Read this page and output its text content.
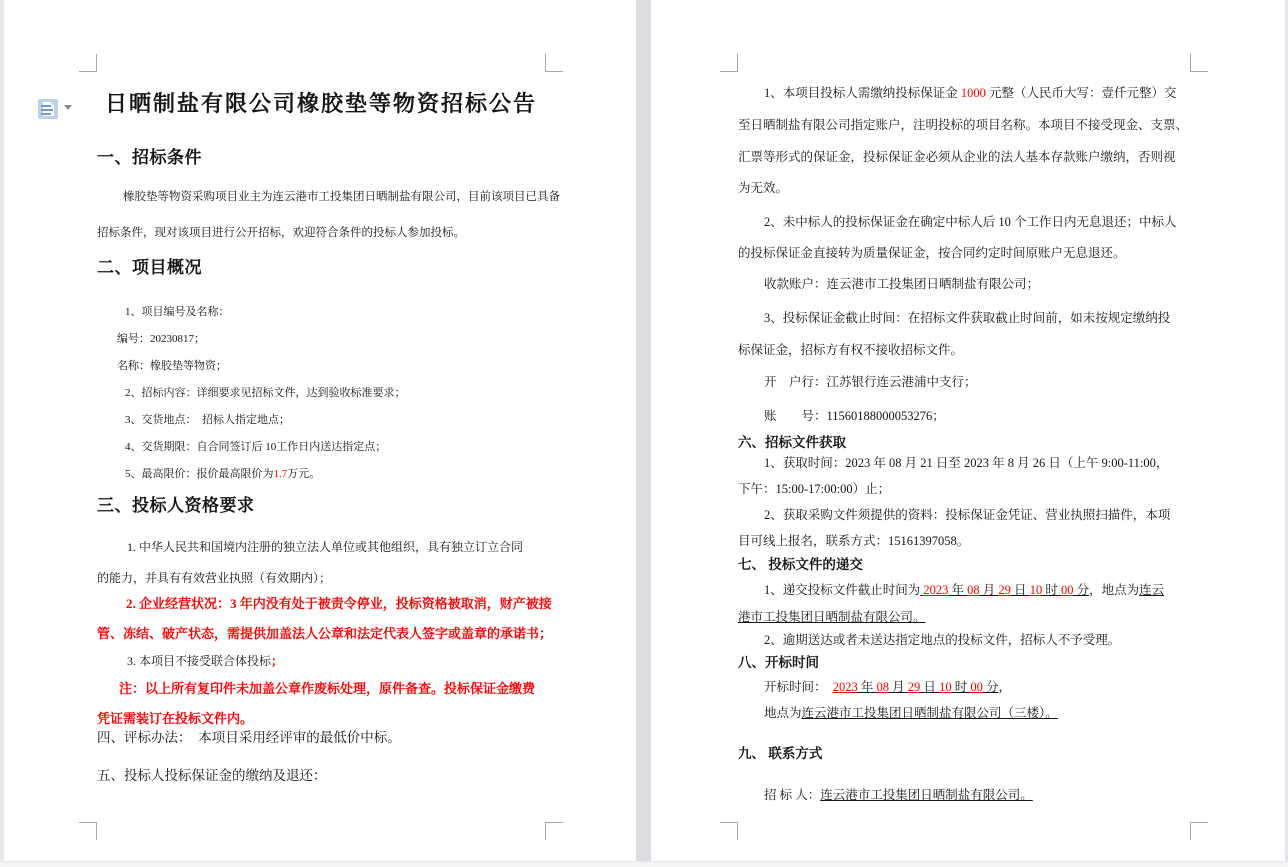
日晒制盐有限公司橡胶垫等物资招标公告
一、招标条件
橡胶垫等物资采购项目业主为连云港市工投集团日晒制盐有限公司，目前该项目已具备
招标条件，现对该项目进行公开招标，欢迎符合条件的投标人参加投标。
二、项目概况
1、项目编号及名称：
编号：20230817；
名称：橡胶垫等物资；
2、招标内容：详细要求见招标文件，达到验收标准要求；
3、交货地点：  招标人指定地点；
4、交货期限：自合同签订后 10工作日内送达指定点；
5、最高限价：报价最高限价为1.7万元。
三、投标人资格要求
1. 中华人民共和国境内注册的独立法人单位或其他组织，具有独立订立合同
的能力，并具有有效营业执照（有效期内）；
2. 企业经营状况：3 年内没有处于被责令停业，投标资格被取消，财产被接
管、冻结、破产状态，需提供加盖法人公章和法定代表人签字或盖章的承诺书；
3. 本项目不接受联合体投标；
注：以上所有复印件未加盖公章作废标处理，原件备查。投标保证金缴费
凭证需装订在投标文件内。
四、评标办法：  本项目采用经评审的最低价中标。
五、投标人投标保证金的缴纳及退还：
1、本项目投标人需缴纳投标保证金 1000 元整（人民币大写：壹仟元整）交
至日晒制盐有限公司指定账户，注明投标的项目名称。本项目不接受现金、支票、
汇票等形式的保证金，投标保证金必须从企业的法人基本存款账户缴纳，否则视
为无效。
2、未中标人的投标保证金在确定中标人后 10 个工作日内无息退还；中标人
的投标保证金直接转为质量保证金，按合同约定时间原账户无息退还。
收款账户：连云港市工投集团日晒制盐有限公司；
3、投标保证金截止时间：在招标文件获取截止时间前，如未按规定缴纳投
标保证金，招标方有权不接收招标文件。
开　户行：江苏银行连云港浦中支行；
账　　号：11560188000053276；
六、招标文件获取
1、获取时间：2023 年 08 月 21 日至 2023 年 8 月 26 日（上午 9:00-11:00，
下午：15:00-17:00:00）止；
2、获取采购文件须提供的资料：投标保证金凭证、营业执照扫描件，本项
目可线上报名，联系方式：15161397058。
七、 投标文件的递交
1、递交投标文件截止时间为 2023 年 08 月 29 日 10 时 00 分，地点为连云
港市工投集团日晒制盐有限公司。
2、逾期送达或者未送达指定地点的投标文件，招标人不予受理。
八、开标时间
开标时间：  2023 年 08 月 29 日 10 时 00 分，
地点为连云港市工投集团日晒制盐有限公司（三楼）。
九、 联系方式
招 标 人：连云港市工投集团日晒制盐有限公司。
